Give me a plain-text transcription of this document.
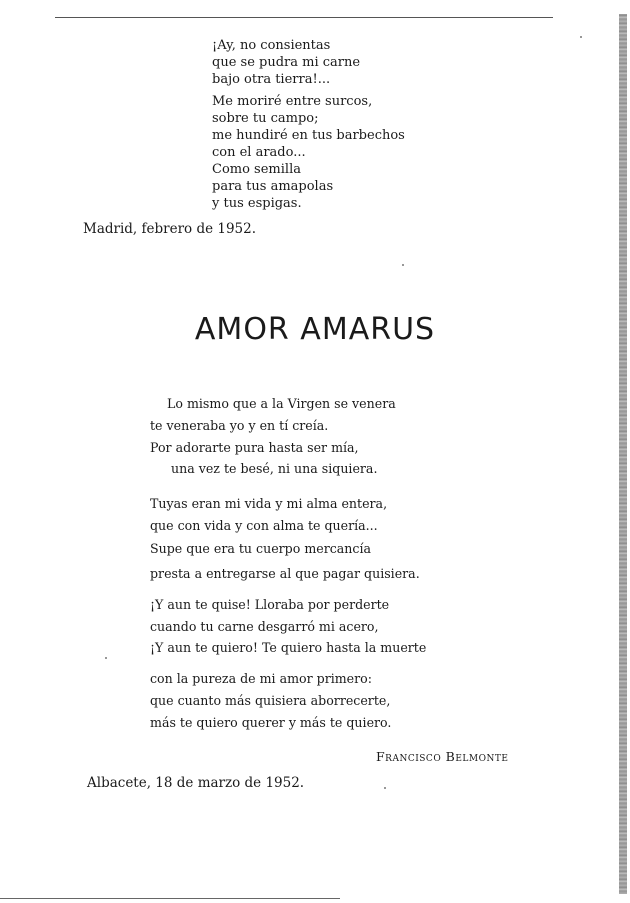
¡Ay, no consientas
que se pudra mi carne
bajo otra tierra!...
Me moriré entre surcos,
sobre tu campo;
me hundiré en tus barbechos
con el arado...
Como semilla
para tus amapolas
y tus espigas.
Madrid, febrero de 1952.
AMOR AMARUS
Lo mismo que a la Virgen se venera
te veneraba yo y en tí creía.
Por adorarte pura hasta ser mía,
una vez te besé, ni una siquiera.
Tuyas eran mi vida y mi alma entera,
que con vida y con alma te quería...
Supe que era tu cuerpo mercancía
presta a entregarse al que pagar quisiera.
¡Y aun te quise! Lloraba por perderte
cuando tu carne desgarró mi acero,
¡Y aun te quiero! Te quiero hasta la muerte
con la pureza de mi amor primero:
que cuanto más quisiera aborrecerte,
más te quiero querer y más te quiero.
Francisco Belmonte
Albacete, 18 de marzo de 1952.
